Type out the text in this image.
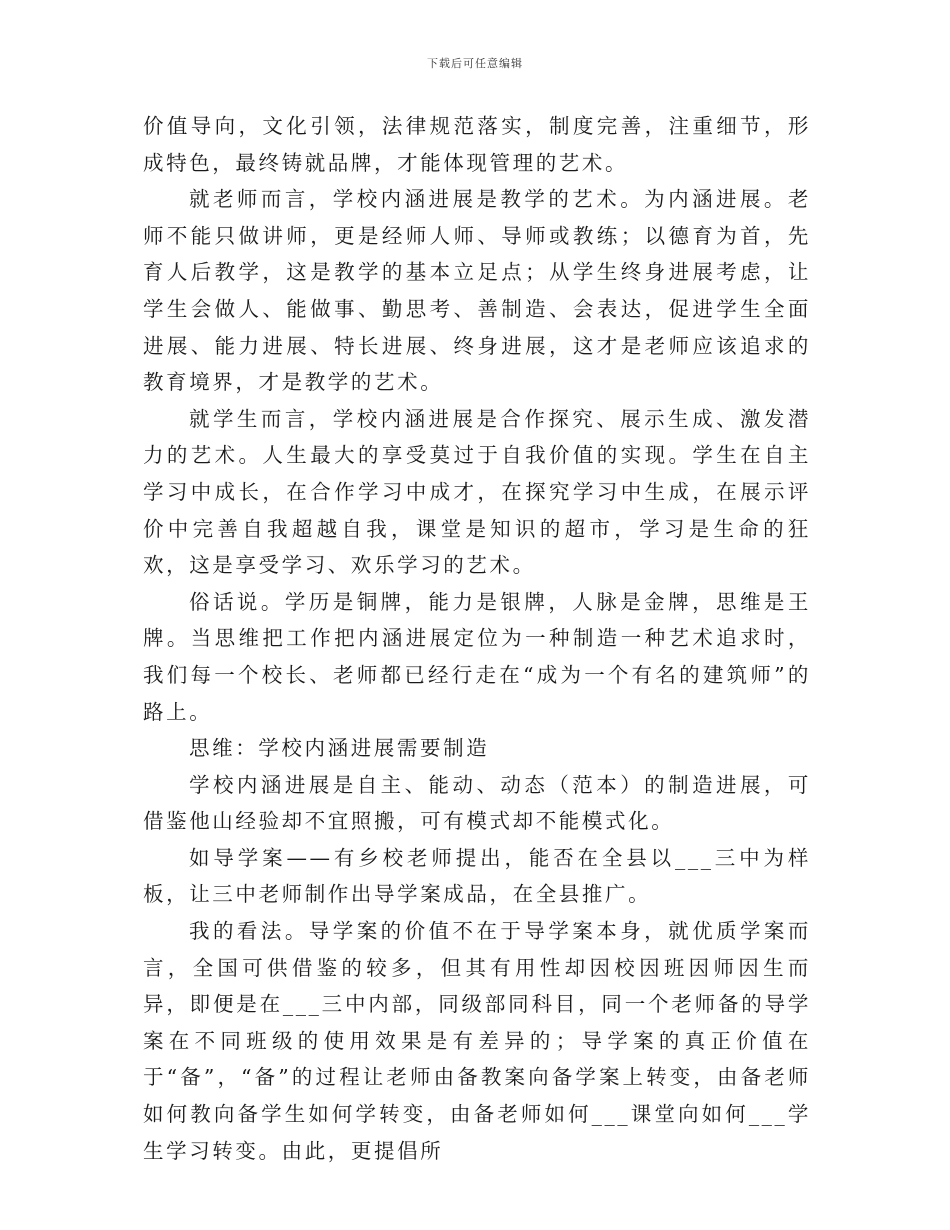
下载后可任意编辑

价值导向，文化引领，法律规范落实，制度完善，注重细节，形成特色，最终铸就品牌，才能体现管理的艺术。

就老师而言，学校内涵进展是教学的艺术。为内涵进展。老师不能只做讲师，更是经师人师、导师或教练；以德育为首，先育人后教学，这是教学的基本立足点；从学生终身进展考虑，让学生会做人、能做事、勤思考、善制造、会表达，促进学生全面进展、能力进展、特长进展、终身进展，这才是老师应该追求的教育境界，才是教学的艺术。

就学生而言，学校内涵进展是合作探究、展示生成、激发潜力的艺术。人生最大的享受莫过于自我价值的实现。学生在自主学习中成长，在合作学习中成才，在探究学习中生成，在展示评价中完善自我超越自我，课堂是知识的超市，学习是生命的狂欢，这是享受学习、欢乐学习的艺术。

俗话说。学历是铜牌，能力是银牌，人脉是金牌，思维是王牌。当思维把工作把内涵进展定位为一种制造一种艺术追求时，我们每一个校长、老师都已经行走在“成为一个有名的建筑师”的路上。

思维：学校内涵进展需要制造

学校内涵进展是自主、能动、动态（范本）的制造进展，可借鉴他山经验却不宜照搬，可有模式却不能模式化。

如导学案——有乡校老师提出，能否在全县以___三中为样板，让三中老师制作出导学案成品，在全县推广。

我的看法。导学案的价值不在于导学案本身，就优质学案而言，全国可供借鉴的较多，但其有用性却因校因班因师因生而异，即便是在___三中内部，同级部同科目，同一个老师备的导学案在不同班级的使用效果是有差异的；导学案的真正价值在于“备”，“备”的过程让老师由备教案向备学案上转变，由备老师如何教向备学生如何学转变，由备老师如何___课堂向如何___学生学习转变。由此，更提倡所
